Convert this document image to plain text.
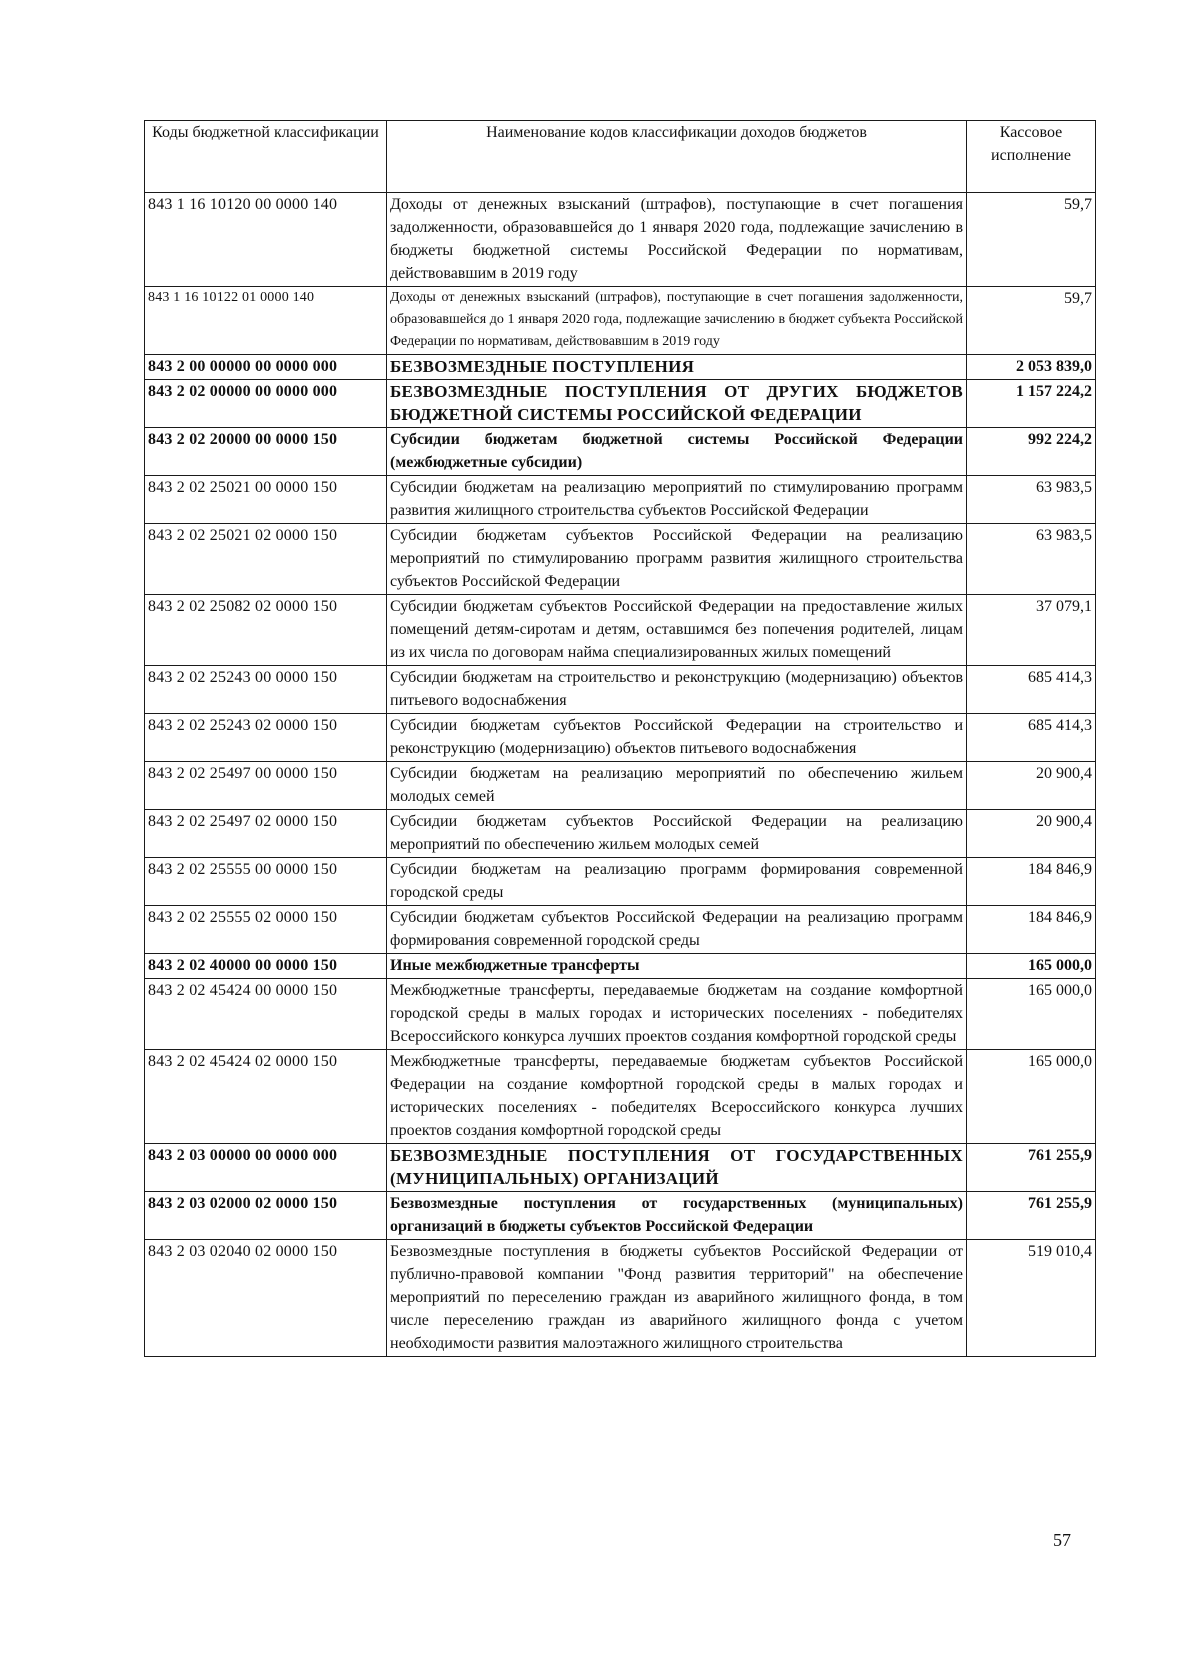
Коды бюджетной классификации	Наименование кодов классификации доходов бюджетов	Кассовое исполнение
843 1 16 10120 00 0000 140	Доходы от денежных взысканий (штрафов), поступающие в счет погашения задолженности, образовавшейся до 1 января 2020 года, подлежащие зачислению в бюджеты бюджетной системы Российской Федерации по нормативам, действовавшим в 2019 году	59,7
843 1 16 10122 01 0000 140	Доходы от денежных взысканий (штрафов), поступающие в счет погашения задолженности, образовавшейся до 1 января 2020 года, подлежащие зачислению в бюджет субъекта Российской Федерации по нормативам, действовавшим в 2019 году	59,7
843 2 00 00000 00 0000 000	БЕЗВОЗМЕЗДНЫЕ ПОСТУПЛЕНИЯ	2 053 839,0
843 2 02 00000 00 0000 000	БЕЗВОЗМЕЗДНЫЕ ПОСТУПЛЕНИЯ ОТ ДРУГИХ БЮДЖЕТОВ БЮДЖЕТНОЙ СИСТЕМЫ РОССИЙСКОЙ ФЕДЕРАЦИИ	1 157 224,2
843 2 02 20000 00 0000 150	Субсидии бюджетам бюджетной системы Российской Федерации (межбюджетные субсидии)	992 224,2
843 2 02 25021 00 0000 150	Субсидии бюджетам на реализацию мероприятий по стимулированию программ развития жилищного строительства субъектов Российской Федерации	63 983,5
843 2 02 25021 02 0000 150	Субсидии бюджетам субъектов Российской Федерации на реализацию мероприятий по стимулированию программ развития жилищного строительства субъектов Российской Федерации	63 983,5
843 2 02 25082 02 0000 150	Субсидии бюджетам субъектов Российской Федерации на предоставление жилых помещений детям-сиротам и детям, оставшимся без попечения родителей, лицам из их числа по договорам найма специализированных жилых помещений	37 079,1
843 2 02 25243 00 0000 150	Субсидии бюджетам на строительство и реконструкцию (модернизацию) объектов питьевого водоснабжения	685 414,3
843 2 02 25243 02 0000 150	Субсидии бюджетам субъектов Российской Федерации на строительство и реконструкцию (модернизацию) объектов питьевого водоснабжения	685 414,3
843 2 02 25497 00 0000 150	Субсидии бюджетам на реализацию мероприятий по обеспечению жильем молодых семей	20 900,4
843 2 02 25497 02 0000 150	Субсидии бюджетам субъектов Российской Федерации на реализацию мероприятий по обеспечению жильем молодых семей	20 900,4
843 2 02 25555 00 0000 150	Субсидии бюджетам на реализацию программ формирования современной городской среды	184 846,9
843 2 02 25555 02 0000 150	Субсидии бюджетам субъектов Российской Федерации на реализацию программ формирования современной городской среды	184 846,9
843 2 02 40000 00 0000 150	Иные межбюджетные трансферты	165 000,0
843 2 02 45424 00 0000 150	Межбюджетные трансферты, передаваемые бюджетам на создание комфортной городской среды в малых городах и исторических поселениях - победителях Всероссийского конкурса лучших проектов создания комфортной городской среды	165 000,0
843 2 02 45424 02 0000 150	Межбюджетные трансферты, передаваемые бюджетам субъектов Российской Федерации на создание комфортной городской среды в малых городах и исторических поселениях - победителях Всероссийского конкурса лучших проектов создания комфортной городской среды	165 000,0
843 2 03 00000 00 0000 000	БЕЗВОЗМЕЗДНЫЕ ПОСТУПЛЕНИЯ ОТ ГОСУДАРСТВЕННЫХ (МУНИЦИПАЛЬНЫХ) ОРГАНИЗАЦИЙ	761 255,9
843 2 03 02000 02 0000 150	Безвозмездные поступления от государственных (муниципальных) организаций в бюджеты субъектов Российской Федерации	761 255,9
843 2 03 02040 02 0000 150	Безвозмездные поступления в бюджеты субъектов Российской Федерации от публично-правовой компании "Фонд развития территорий" на обеспечение мероприятий по переселению граждан из аварийного жилищного фонда, в том числе переселению граждан из аварийного жилищного фонда с учетом необходимости развития малоэтажного жилищного строительства	519 010,4
57
